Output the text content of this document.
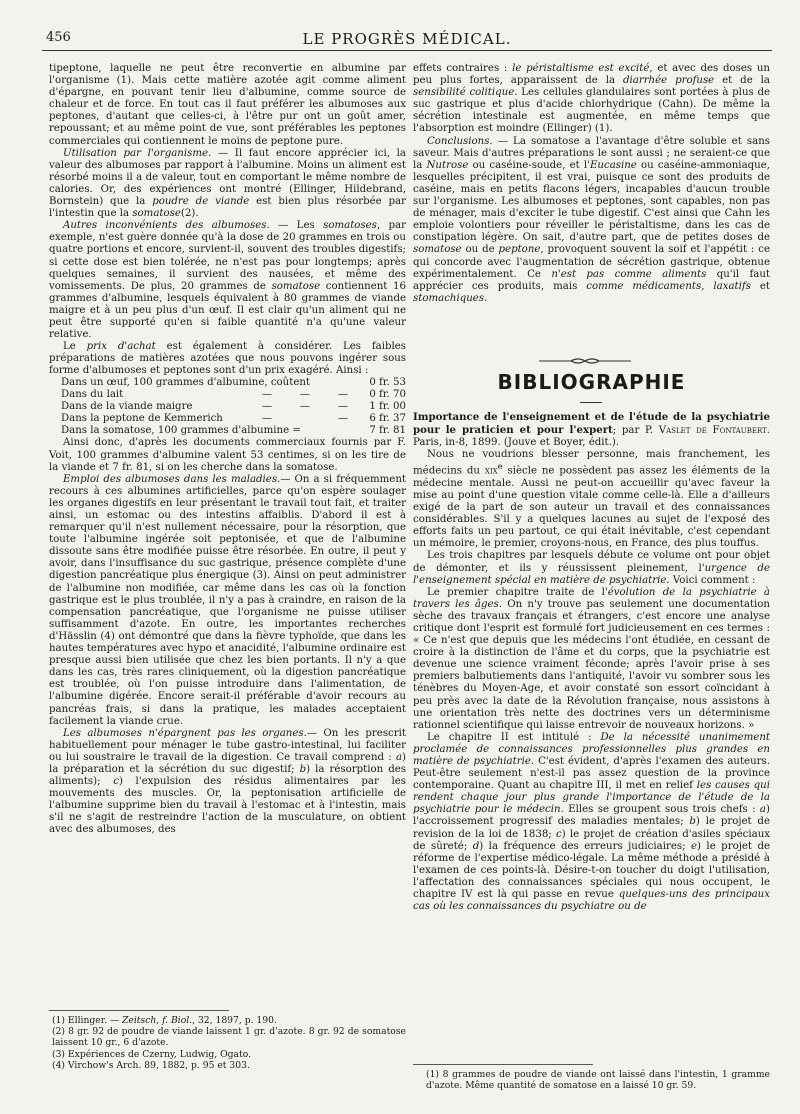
456	LE PROGRÈS MÉDICAL.

tipeptone, laquelle ne peut être reconvertie en albumine par l'organisme (1). Mais cette matière azotée agit comme aliment d'épargne, en pouvant tenir lieu d'albumine, comme source de chaleur et de force. En tout cas il faut préférer les albumoses aux peptones, d'autant que celles-ci, à l'être pur ont un goût amer, repoussant; et au même point de vue, sont préférables les peptones commerciales qui contiennent le moins de peptone pure.

Utilisation par l'organisme. — Il faut encore apprécier ici, la valeur des albumoses par rapport à l'albumine. Moins un aliment est résorbé moins il a de valeur, tout en comportant le même nombre de calories. Or, des expériences ont montré (Ellinger, Hildebrand, Bornstein) que la poudre de viande est bien plus résorbée par l'intestin que la somatose(2).

Autres inconvénients des albumoses. — Les somatoses, par exemple, n'est guère donnée qu'à la dose de 20 grammes en trois ou quatre portions et encore, survient-il, souvent des troubles digestifs; si cette dose est bien tolérée, ne n'est pas pour longtemps; après quelques semaines, il survient des nausées, et même des vomissements. De plus, 20 grammes de somatose contiennent 16 grammes d'albumine, lesquels équivalent à 80 grammes de viande maigre et à un peu plus d'un œuf. Il est clair qu'un aliment qui ne peut être supporté qu'en si faible quantité n'a qu'une valeur relative.

Le prix d'achat est également à considérer. Les faibles préparations de matières azotées que nous pouvons ingérer sous forme d'albumoses et peptones sont d'un prix exagéré. Ainsi :

Dans un œuf, 100 grammes d'albumine, coûtent				0 fr. 53
Dans du lait	—	—	—	0 fr. 70
Dans de la viande maigre	—	—	—	1 fr. 00
Dans la peptone de Kemmerich	—		—	6 fr. 37
Dans la somatose, 100 grammes d'albumine =				7 fr. 81

Ainsi donc, d'après les documents commerciaux fournis par F. Voit, 100 grammes d'albumine valent 53 centimes, si on les tire de la viande et 7 fr. 81, si on les cherche dans la somatose.

Emploi des albumoses dans les maladies.— On a si fréquemment recours à ces albumines artificielles, parce qu'on espère soulager les organes digestifs en leur présentant le travail tout fait, et traiter ainsi, un estomac ou des intestins affaiblis. D'abord il est à remarquer qu'il n'est nullement nécessaire, pour la résorption, que toute l'albumine ingérée soit peptonisée, et que de l'albumine dissoute sans être modifiée puisse être résorbée. En outre, il peut y avoir, dans l'insuffisance du suc gastrique, présence complète d'une digestion pancréatique plus énergique (3). Ainsi on peut administrer de l'albumine non modifiée, car même dans les cas où la fonction gastrique est le plus troublée, il n'y a pas à craindre, en raison de la compensation pancréatique, que l'organisme ne puisse utiliser suffisamment d'azote. En outre, les importantes recherches d'Hässlin (4) ont démontré que dans la fièvre typhoïde, que dans les hautes températures avec hypo et anacidité, l'albumine ordinaire est presque aussi bien utilisée que chez les bien portants. Il n'y a que dans les cas, très rares cliniquement, où la digestion pancréatique est troublée, où l'on puisse introduire dans l'alimentation, de l'albumine digérée. Encore serait-il préférable d'avoir recours au pancréas frais, si dans la pratique, les malades acceptaient facilement la viande crue.

Les albumoses n'épargnent pas les organes.— On les prescrit habituellement pour ménager le tube gastro-intestinal, lui faciliter ou lui soustraire le travail de la digestion. Ce travail comprend : a) la préparation et la sécrétion du suc digestif; b) la résorption des aliments); c) l'expulsion des résidus alimentaires par les mouvements des muscles. Or, la peptonisation artificielle de l'albumine supprime bien du travail à l'estomac et à l'intestin, mais s'il ne s'agit de restreindre l'action de la musculature, on obtient avec des albumoses, des

(1) Ellinger. — Zeitsch, f. Biol., 32, 1897, p. 190.
(2) 8 gr. 92 de poudre de viande laissent 1 gr. d'azote. 8 gr. 92 de somatose laissent 10 gr., 6 d'azote.
(3) Expériences de Czerny, Ludwig, Ogato.
(4) Virchow's Arch. 89, 1882, p. 95 et 303.

effets contraires : le péristaltisme est excité, et avec des doses un peu plus fortes, apparaissent de la diarrhée profuse et de la sensibilité colitique. Les cellules glandulaires sont portées à plus de suc gastrique et plus d'acide chlorhydrique (Cahn). De même la sécrétion intestinale est augmentée, en même temps que l'absorption est moindre (Ellinger) (1).

Conclusions. — La somatose a l'avantage d'être soluble et sans saveur. Mais d'autres préparations le sont aussi ; ne seraient-ce que la Nutrose ou caséine-soude, et l'Eucasine ou caséine-ammoniaque, lesquelles précipitent, il est vrai, puisque ce sont des produits de caséine, mais en petits flacons légers, incapables d'aucun trouble sur l'organisme. Les albumoses et peptones, sont capables, non pas de ménager, mais d'exciter le tube digestif. C'est ainsi que Cahn les emploie volontiers pour réveiller le péristaltisme, dans les cas de constipation légère. On sait, d'autre part, que de petites doses de somatose ou de peptone, provoquent souvent la soif et l'appétit : ce qui concorde avec l'augmentation de sécrétion gastrique, obtenue expérimentalement. Ce n'est pas comme aliments qu'il faut apprécier ces produits, mais comme médicaments, laxatifs et stomachiques.

BIBLIOGRAPHIE

Importance de l'enseignement et de l'étude de la psychiatrie pour le praticien et pour l'expert; par P. Vaslet de Fontaubert. Paris, in-8, 1899. (Jouve et Boyer, édit.).

Nous ne voudrions blesser personne, mais franchement, les médecins du xix$^e$ siècle ne possèdent pas assez les éléments de la médecine mentale. Aussi ne peut-on accueillir qu'avec faveur la mise au point d'une question vitale comme celle-là. Elle a d'ailleurs exigé de la part de son auteur un travail et des connaissances considérables. S'il y a quelques lacunes au sujet de l'exposé des efforts faits un peu partout, ce qui était inévitable, c'est cependant un mémoire, le premier, croyons-nous, en France, des plus touffus.

Les trois chapitres par lesquels débute ce volume ont pour objet de démonter, et ils y réussissent pleinement, l'urgence de l'enseignement spécial en matière de psychiatrie. Voici comment :

Le premier chapitre traite de l'évolution de la psychiatrie à travers les âges. On n'y trouve pas seulement une documentation sèche des travaux français et étrangers, c'est encore une analyse critique dont l'esprit est formulé fort judicieusement en ces termes : « Ce n'est que depuis que les médecins l'ont étudiée, en cessant de croire à la distinction de l'âme et du corps, que la psychiatrie est devenue une science vraiment féconde; après l'avoir prise à ses premiers balbutiements dans l'antiquité, l'avoir vu sombrer sous les ténèbres du Moyen-Age, et avoir constaté son essort coïncidant à peu près avec la date de la Révolution française, nous assistons à une orientation très nette des doctrines vers un déterminisme rationnel scientifique qui laisse entrevoir de nouveaux horizons. »

Le chapitre II est intitulé : De la nécessité unanimement proclamée de connaissances professionnelles plus grandes en matière de psychiatrie. C'est évident, d'après l'examen des auteurs. Peut-être seulement n'est-il pas assez question de la province contemporaine. Quant au chapitre III, il met en relief les causes qui rendent chaque jour plus grande l'importance de l'étude de la psychiatrie pour le médecin. Elles se groupent sous trois chefs : a) l'accroissement progressif des maladies mentales; b) le projet de revision de la loi de 1838; c) le projet de création d'asiles spéciaux de sûreté; d) la fréquence des erreurs judiciaires; e) le projet de réforme de l'expertise médico-légale. La même méthode a présidé à l'examen de ces points-là. Désire-t-on toucher du doigt l'utilisation, l'affectation des connaissances spéciales qui nous occupent, le chapitre IV est là qui passe en revue quelques-uns des principaux cas où les connaissances du psychiatre ou de

(1) 8 grammes de poudre de viande ont laissé dans l'intestin, 1 gramme d'azote. Même quantité de somatose en a laissé 10 gr. 59.
